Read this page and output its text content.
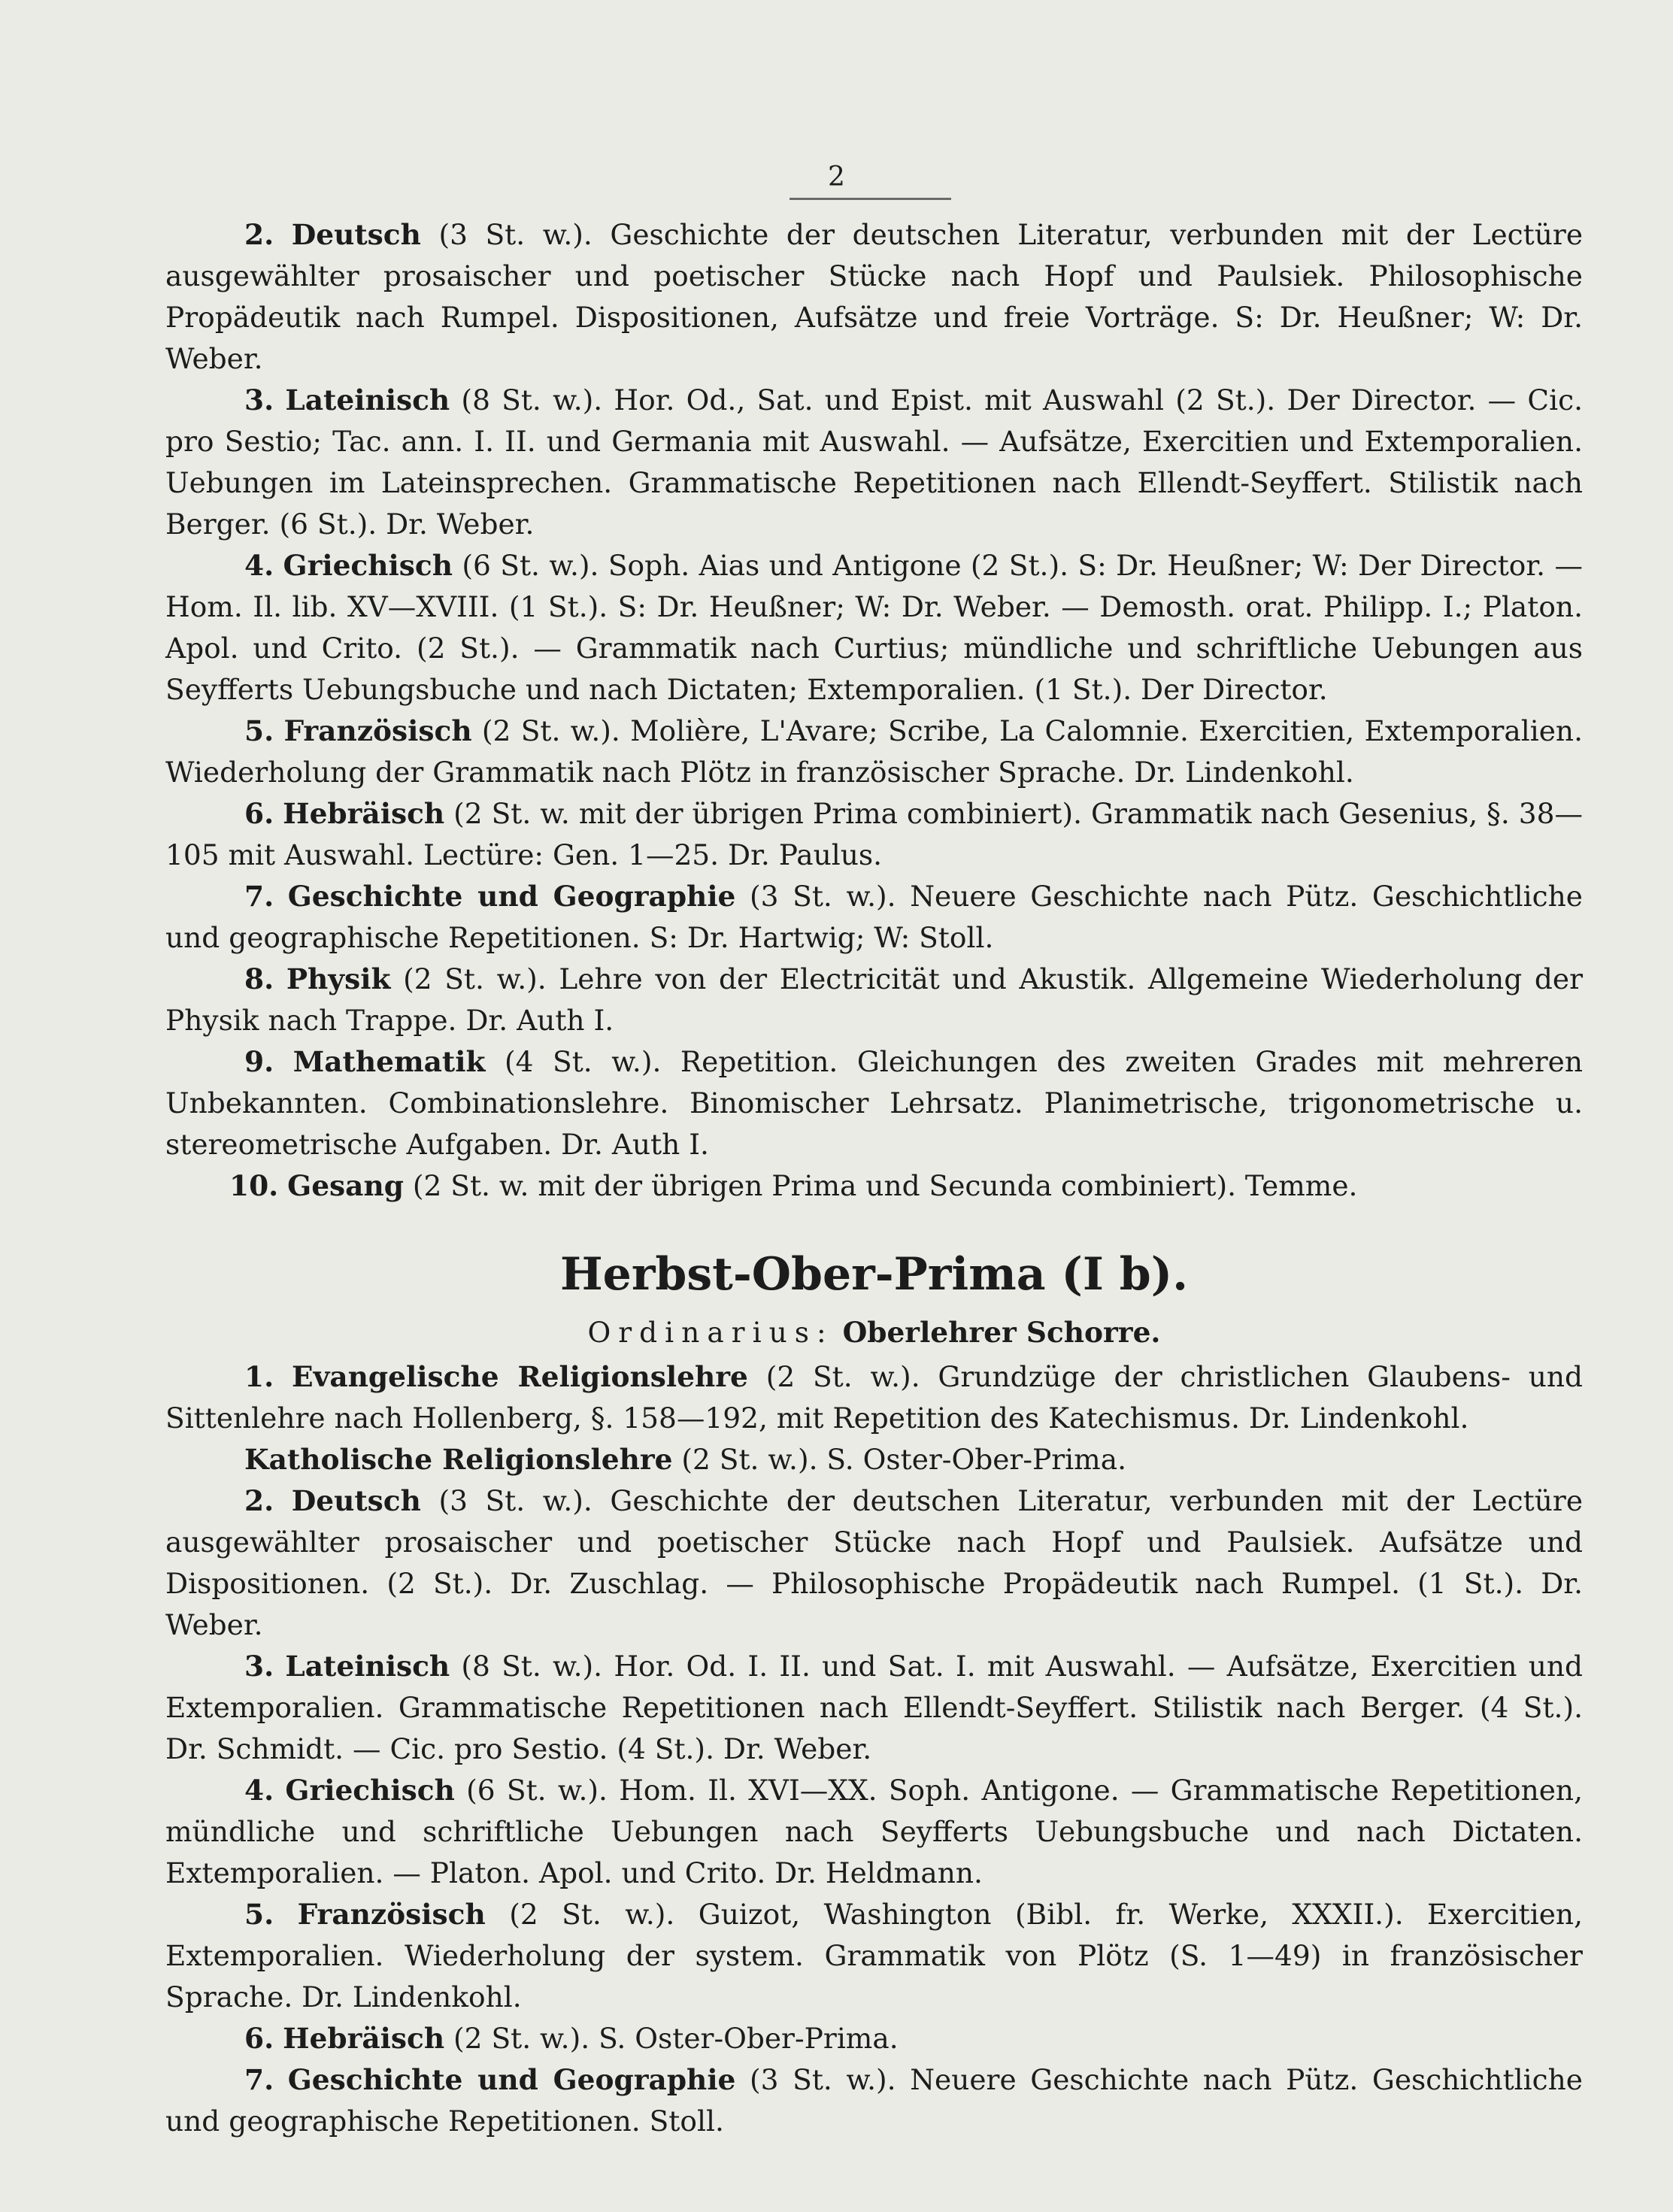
2

2. Deutsch (3 St. w.). Geschichte der deutschen Literatur, verbunden mit der Lectüre ausgewählter prosaischer und poetischer Stücke nach Hopf und Paulsiek. Philosophische Propädeutik nach Rumpel. Dispositionen, Aufsätze und freie Vorträge. S: Dr. Heußner; W: Dr. Weber.

3. Lateinisch (8 St. w.). Hor. Od., Sat. und Epist. mit Auswahl (2 St.). Der Director. — Cic. pro Sestio; Tac. ann. I. II. und Germania mit Auswahl. — Aufsätze, Exercitien und Extemporalien. Uebungen im Lateinsprechen. Grammatische Repetitionen nach Ellendt-Seyffert. Stilistik nach Berger. (6 St.). Dr. Weber.

4. Griechisch (6 St. w.). Soph. Aias und Antigone (2 St.). S: Dr. Heußner; W: Der Director. — Hom. Il. lib. XV—XVIII. (1 St.). S: Dr. Heußner; W: Dr. Weber. — Demosth. orat. Philipp. I.; Platon. Apol. und Crito. (2 St.). — Grammatik nach Curtius; mündliche und schriftliche Uebungen aus Seyfferts Uebungsbuche und nach Dictaten; Extemporalien. (1 St.). Der Director.

5. Französisch (2 St. w.). Molière, L'Avare; Scribe, La Calomnie. Exercitien, Extemporalien. Wiederholung der Grammatik nach Plötz in französischer Sprache. Dr. Lindenkohl.

6. Hebräisch (2 St. w. mit der übrigen Prima combiniert). Grammatik nach Gesenius, §. 38—105 mit Auswahl. Lectüre: Gen. 1—25. Dr. Paulus.

7. Geschichte und Geographie (3 St. w.). Neuere Geschichte nach Pütz. Geschichtliche und geographische Repetitionen. S: Dr. Hartwig; W: Stoll.

8. Physik (2 St. w.). Lehre von der Electricität und Akustik. Allgemeine Wiederholung der Physik nach Trappe. Dr. Auth I.

9. Mathematik (4 St. w.). Repetition. Gleichungen des zweiten Grades mit mehreren Unbekannten. Combinationslehre. Binomischer Lehrsatz. Planimetrische, trigonometrische u. stereometrische Aufgaben. Dr. Auth I.

10. Gesang (2 St. w. mit der übrigen Prima und Secunda combiniert). Temme.

Herbst-Ober-Prima (I b).
Ordinarius: Oberlehrer Schorre.

1. Evangelische Religionslehre (2 St. w.). Grundzüge der christlichen Glaubens- und Sittenlehre nach Hollenberg, §. 158—192, mit Repetition des Katechismus. Dr. Lindenkohl.

Katholische Religionslehre (2 St. w.). S. Oster-Ober-Prima.

2. Deutsch (3 St. w.). Geschichte der deutschen Literatur, verbunden mit der Lectüre ausgewählter prosaischer und poetischer Stücke nach Hopf und Paulsiek. Aufsätze und Dispositionen. (2 St.). Dr. Zuschlag. — Philosophische Propädeutik nach Rumpel. (1 St.). Dr. Weber.

3. Lateinisch (8 St. w.). Hor. Od. I. II. und Sat. I. mit Auswahl. — Aufsätze, Exercitien und Extemporalien. Grammatische Repetitionen nach Ellendt-Seyffert. Stilistik nach Berger. (4 St.). Dr. Schmidt. — Cic. pro Sestio. (4 St.). Dr. Weber.

4. Griechisch (6 St. w.). Hom. Il. XVI—XX. Soph. Antigone. — Grammatische Repetitionen, mündliche und schriftliche Uebungen nach Seyfferts Uebungsbuche und nach Dictaten. Extemporalien. — Platon. Apol. und Crito. Dr. Heldmann.

5. Französisch (2 St. w.). Guizot, Washington (Bibl. fr. Werke, XXXII.). Exercitien, Extemporalien. Wiederholung der system. Grammatik von Plötz (S. 1—49) in französischer Sprache. Dr. Lindenkohl.

6. Hebräisch (2 St. w.). S. Oster-Ober-Prima.

7. Geschichte und Geographie (3 St. w.). Neuere Geschichte nach Pütz. Geschichtliche und geographische Repetitionen. Stoll.
